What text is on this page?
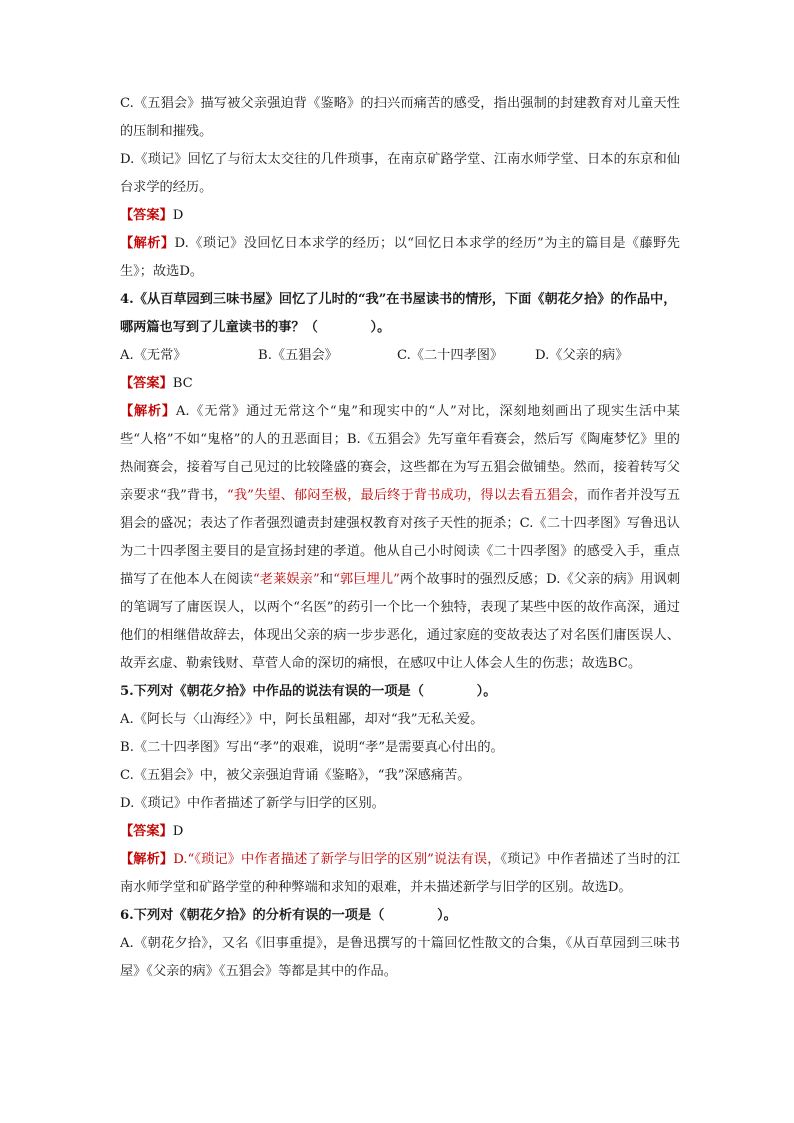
C.《五猖会》描写被父亲强迫背《鉴略》的扫兴而痛苦的感受，指出强制的封建教育对儿童天性的压制和摧残。

D.《琐记》回忆了与衍太太交往的几件琐事，在南京矿路学堂、江南水师学堂、日本的东京和仙台求学的经历。

【答案】D

【解析】D.《琐记》没回忆日本求学的经历；以“回忆日本求学的经历”为主的篇目是《藤野先生》；故选D。

4.《从百草园到三味书屋》回忆了儿时的“我”在书屋读书的情形，下面《朝花夕拾》的作品中，哪两篇也写到了儿童读书的事？（　　　　）。

A.《无常》	B.《五猖会》	C.《二十四孝图》	D.《父亲的病》

【答案】BC

【解析】A.《无常》通过无常这个“鬼”和现实中的“人”对比，深刻地刻画出了现实生活中某些“人格”不如“鬼格”的人的丑恶面目；B.《五猖会》先写童年看赛会，然后写《陶庵梦忆》里的热闹赛会，接着写自己见过的比较隆盛的赛会，这些都在为写五猖会做铺垫。然而，接着转写父亲要求“我”背书，“我”失望、郁闷至极，最后终于背书成功，得以去看五猖会，而作者并没写五猖会的盛况；表达了作者强烈谴责封建强权教育对孩子天性的扼杀；C.《二十四孝图》写鲁迅认为二十四孝图主要目的是宣扬封建的孝道。他从自己小时阅读《二十四孝图》的感受入手，重点描写了在他本人在阅读“老莱娱亲”和“郭巨埋儿”两个故事时的强烈反感；D.《父亲的病》用讽刺的笔调写了庸医误人，以两个“名医”的药引一个比一个独特，表现了某些中医的故作高深，通过他们的相继借故辞去，体现出父亲的病一步步恶化，通过家庭的变故表达了对名医们庸医误人、故弄玄虚、勒索钱财、草菅人命的深切的痛恨，在感叹中让人体会人生的伤悲；故选BC。

5.下列对《朝花夕拾》中作品的说法有误的一项是（　　　　）。

A.《阿长与〈山海经〉》中，阿长虽粗鄙，却对“我”无私关爱。

B.《二十四孝图》写出“孝”的艰难，说明“孝”是需要真心付出的。

C.《五猖会》中，被父亲强迫背诵《鉴略》，“我”深感痛苦。

D.《琐记》中作者描述了新学与旧学的区别。

【答案】D

【解析】D.“《琐记》中作者描述了新学与旧学的区别”说法有误，《琐记》中作者描述了当时的江南水师学堂和矿路学堂的种种弊端和求知的艰难，并未描述新学与旧学的区别。故选D。

6.下列对《朝花夕拾》的分析有误的一项是（　　　　）。

A.《朝花夕拾》，又名《旧事重提》，是鲁迅撰写的十篇回忆性散文的合集，《从百草园到三味书屋》《父亲的病》《五猖会》等都是其中的作品。
